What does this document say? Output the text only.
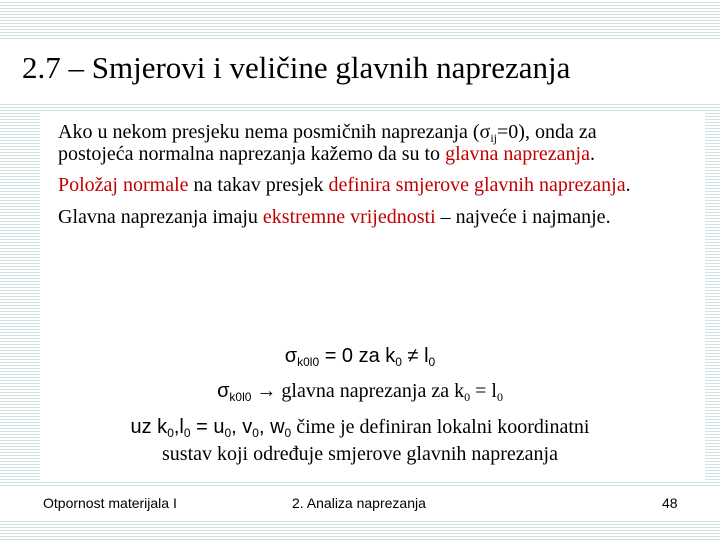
2.7 – Smjerovi i veličine glavnih naprezanja

Ako u nekom presjeku nema posmičnih naprezanja $(\sigma_{ij}=0)$, onda za postojeća normalna naprezanja kažemo da su to glavna naprezanja.

Položaj normale na takav presjek definira smjerove glavnih naprezanja.

Glavna naprezanja imaju ekstremne vrijednosti – najveće i najmanje.

$\sigma_{k0l0} = 0$ za $k_0 \ne l_0$
$\sigma_{k0l0}$ → glavna naprezanja za $k_0 = l_0$
uz $k_0,l_0 = u_0$, $v_0$, $w_0$ čime je definiran lokalni koordinatni
sustav koji određuje smjerove glavnih naprezanja
Otpornost materijala I	2. Analiza naprezanja	48
